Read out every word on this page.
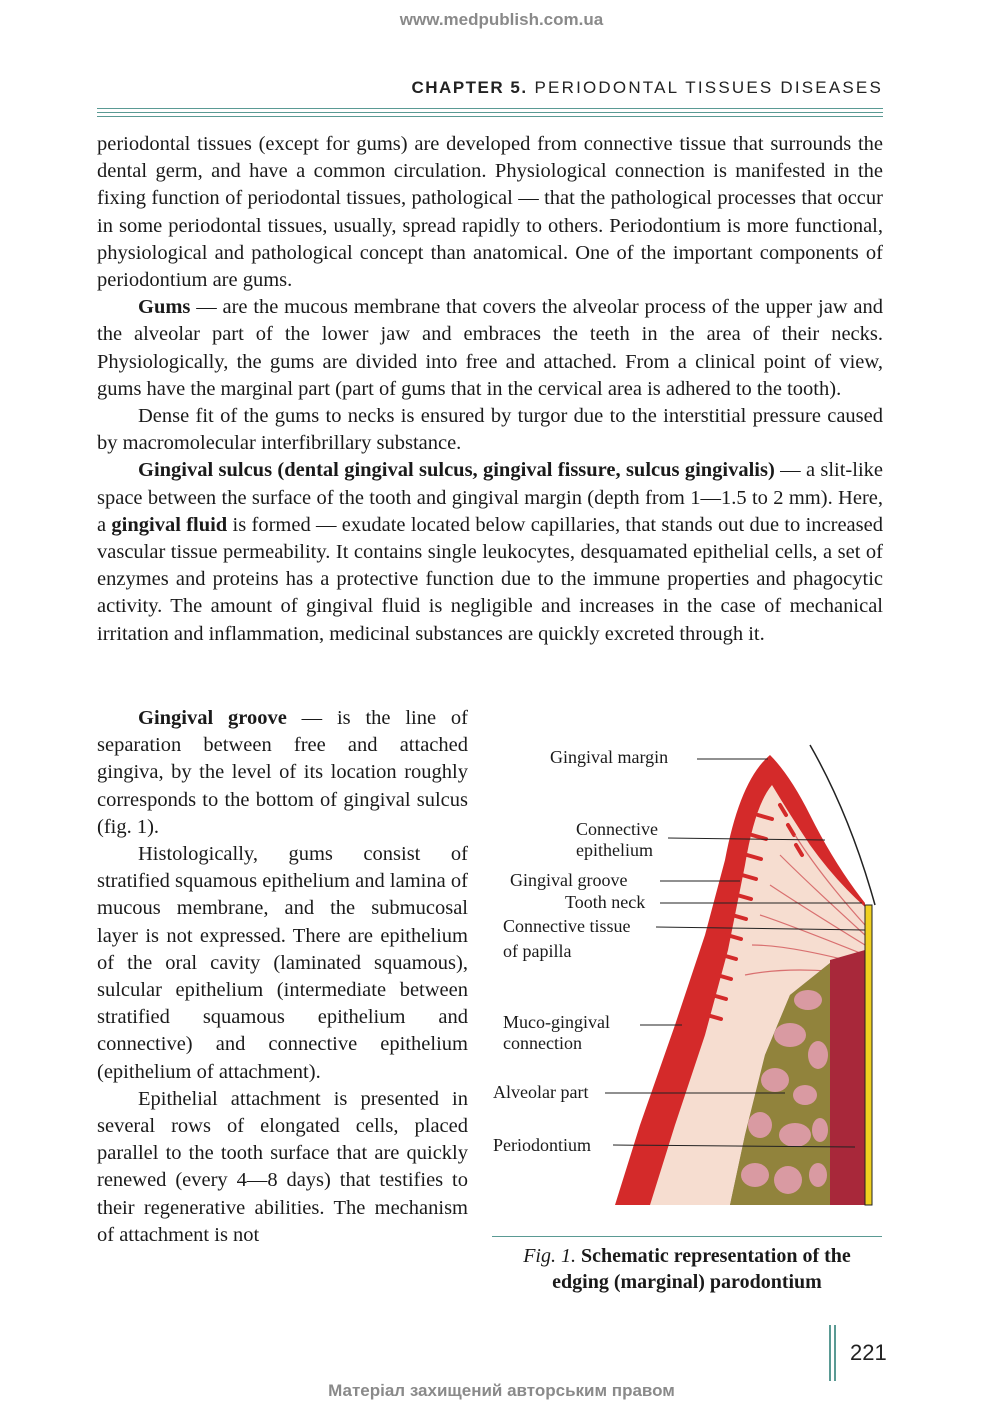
www.medpublish.com.ua
CHAPTER 5. PERIODONTAL TISSUES DISEASES

periodontal tissues (except for gums) are developed from connective tissue that surrounds the dental germ, and have a common circulation. Physiological connection is manifested in the fixing function of periodontal tissues, pathological — that the pathological processes that occur in some periodontal tissues, usually, spread rapidly to others. Periodontium is more functional, physiological and pathological concept than anatomical. One of the important components of periodontium are gums.

Gums — are the mucous membrane that covers the alveolar process of the upper jaw and the alveolar part of the lower jaw and embraces the teeth in the area of their necks. Physiologically, the gums are divided into free and attached. From a clinical point of view, gums have the marginal part (part of gums that in the cervical area is adhered to the tooth).

Dense fit of the gums to necks is ensured by turgor due to the interstitial pressure caused by macromolecular interfibrillary substance.

Gingival sulcus (dental gingival sulcus, gingival fissure, sulcus gingivalis) — a slit-like space between the surface of the tooth and gingival margin (depth from 1—1.5 to 2 mm). Here, a gingival fluid is formed — exudate located below capillaries, that stands out due to increased vascular tissue permeability. It contains single leukocytes, desquamated epithelial cells, a set of enzymes and proteins has a protective function due to the immune properties and phagocytic activity. The amount of gingival fluid is negligible and increases in the case of mechanical irritation and inflammation, medicinal substances are quickly excreted through it.

Gingival groove — is the line of separation between free and attached gingiva, by the level of its location roughly corresponds to the bottom of gingival sulcus (fig. 1).

Histologically, gums consist of stratified squamous epithelium and lamina of mucous membrane, and the submucosal layer is not expressed. There are epithelium of the oral cavity (laminated squamous), sulcular epithelium (intermediate between stratified squamous epithelium and connective) and connective epithelium (epithelium of attachment).

Epithelial attachment is presented in several rows of elongated cells, placed parallel to the tooth surface that are quickly renewed (every 4—8 days) that testifies to their regenerative abilities. The mechanism of attachment is not

Gingival margin
Connective
epithelium
Gingival groove
Tooth neck
Connective tissue
of papilla
Muco-gingival
connection
Alveolar part
Periodontium
Fig. 1. Schematic representation of the
edging (marginal) parodontium
221
Матеріал захищений авторським правом
